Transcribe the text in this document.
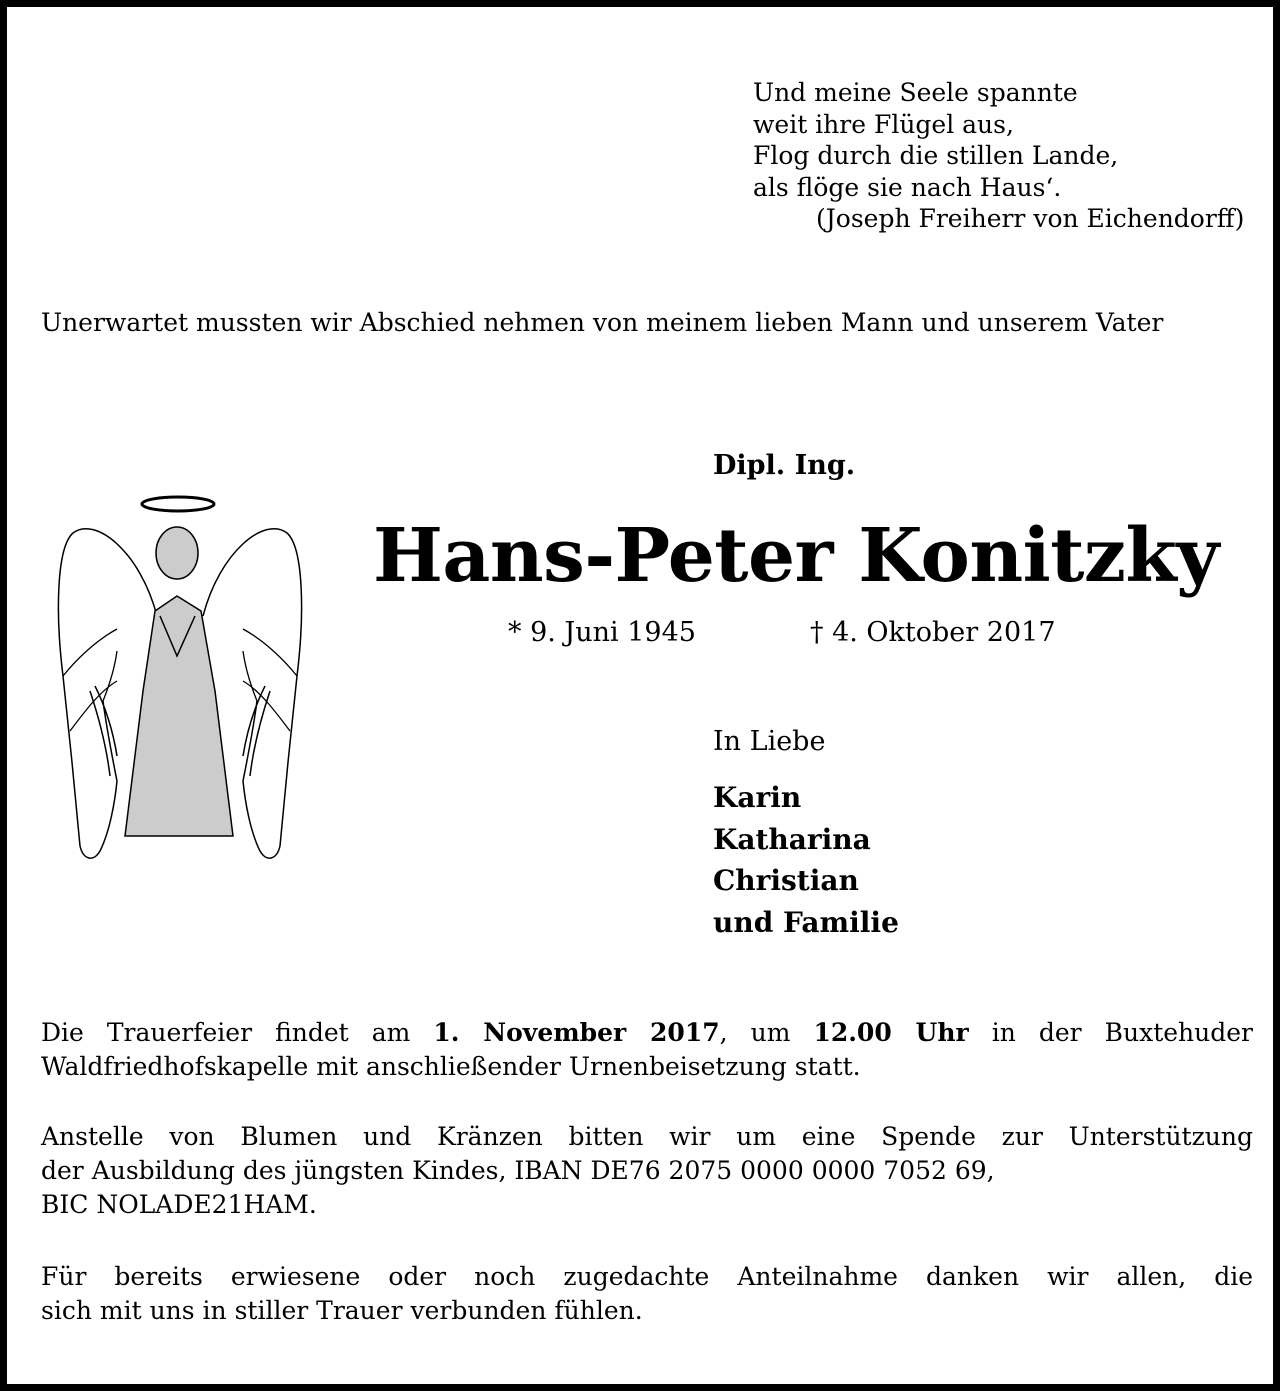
Und meine Seele spannte
weit ihre Flügel aus,
Flog durch die stillen Lande,
als flöge sie nach Haus‘.
(Joseph Freiherr von Eichendorff)
Unerwartet mussten wir Abschied nehmen von meinem lieben Mann und unserem Vater
Dipl. Ing.
Hans-Peter Konitzky
* 9. Juni 1945	† 4. Oktober 2017
In Liebe
Karin
Katharina
Christian
und Familie
Die Trauerfeier findet am 1. November 2017, um 12.00 Uhr in der Buxtehuder
Waldfriedhofskapelle mit anschließender Urnenbeisetzung statt.
Anstelle von Blumen und Kränzen bitten wir um eine Spende zur Unterstützung
der Ausbildung des jüngsten Kindes, IBAN DE76 2075 0000 0000 7052 69,
BIC NOLADE21HAM.
Für bereits erwiesene oder noch zugedachte Anteilnahme danken wir allen, die
sich mit uns in stiller Trauer verbunden fühlen.
